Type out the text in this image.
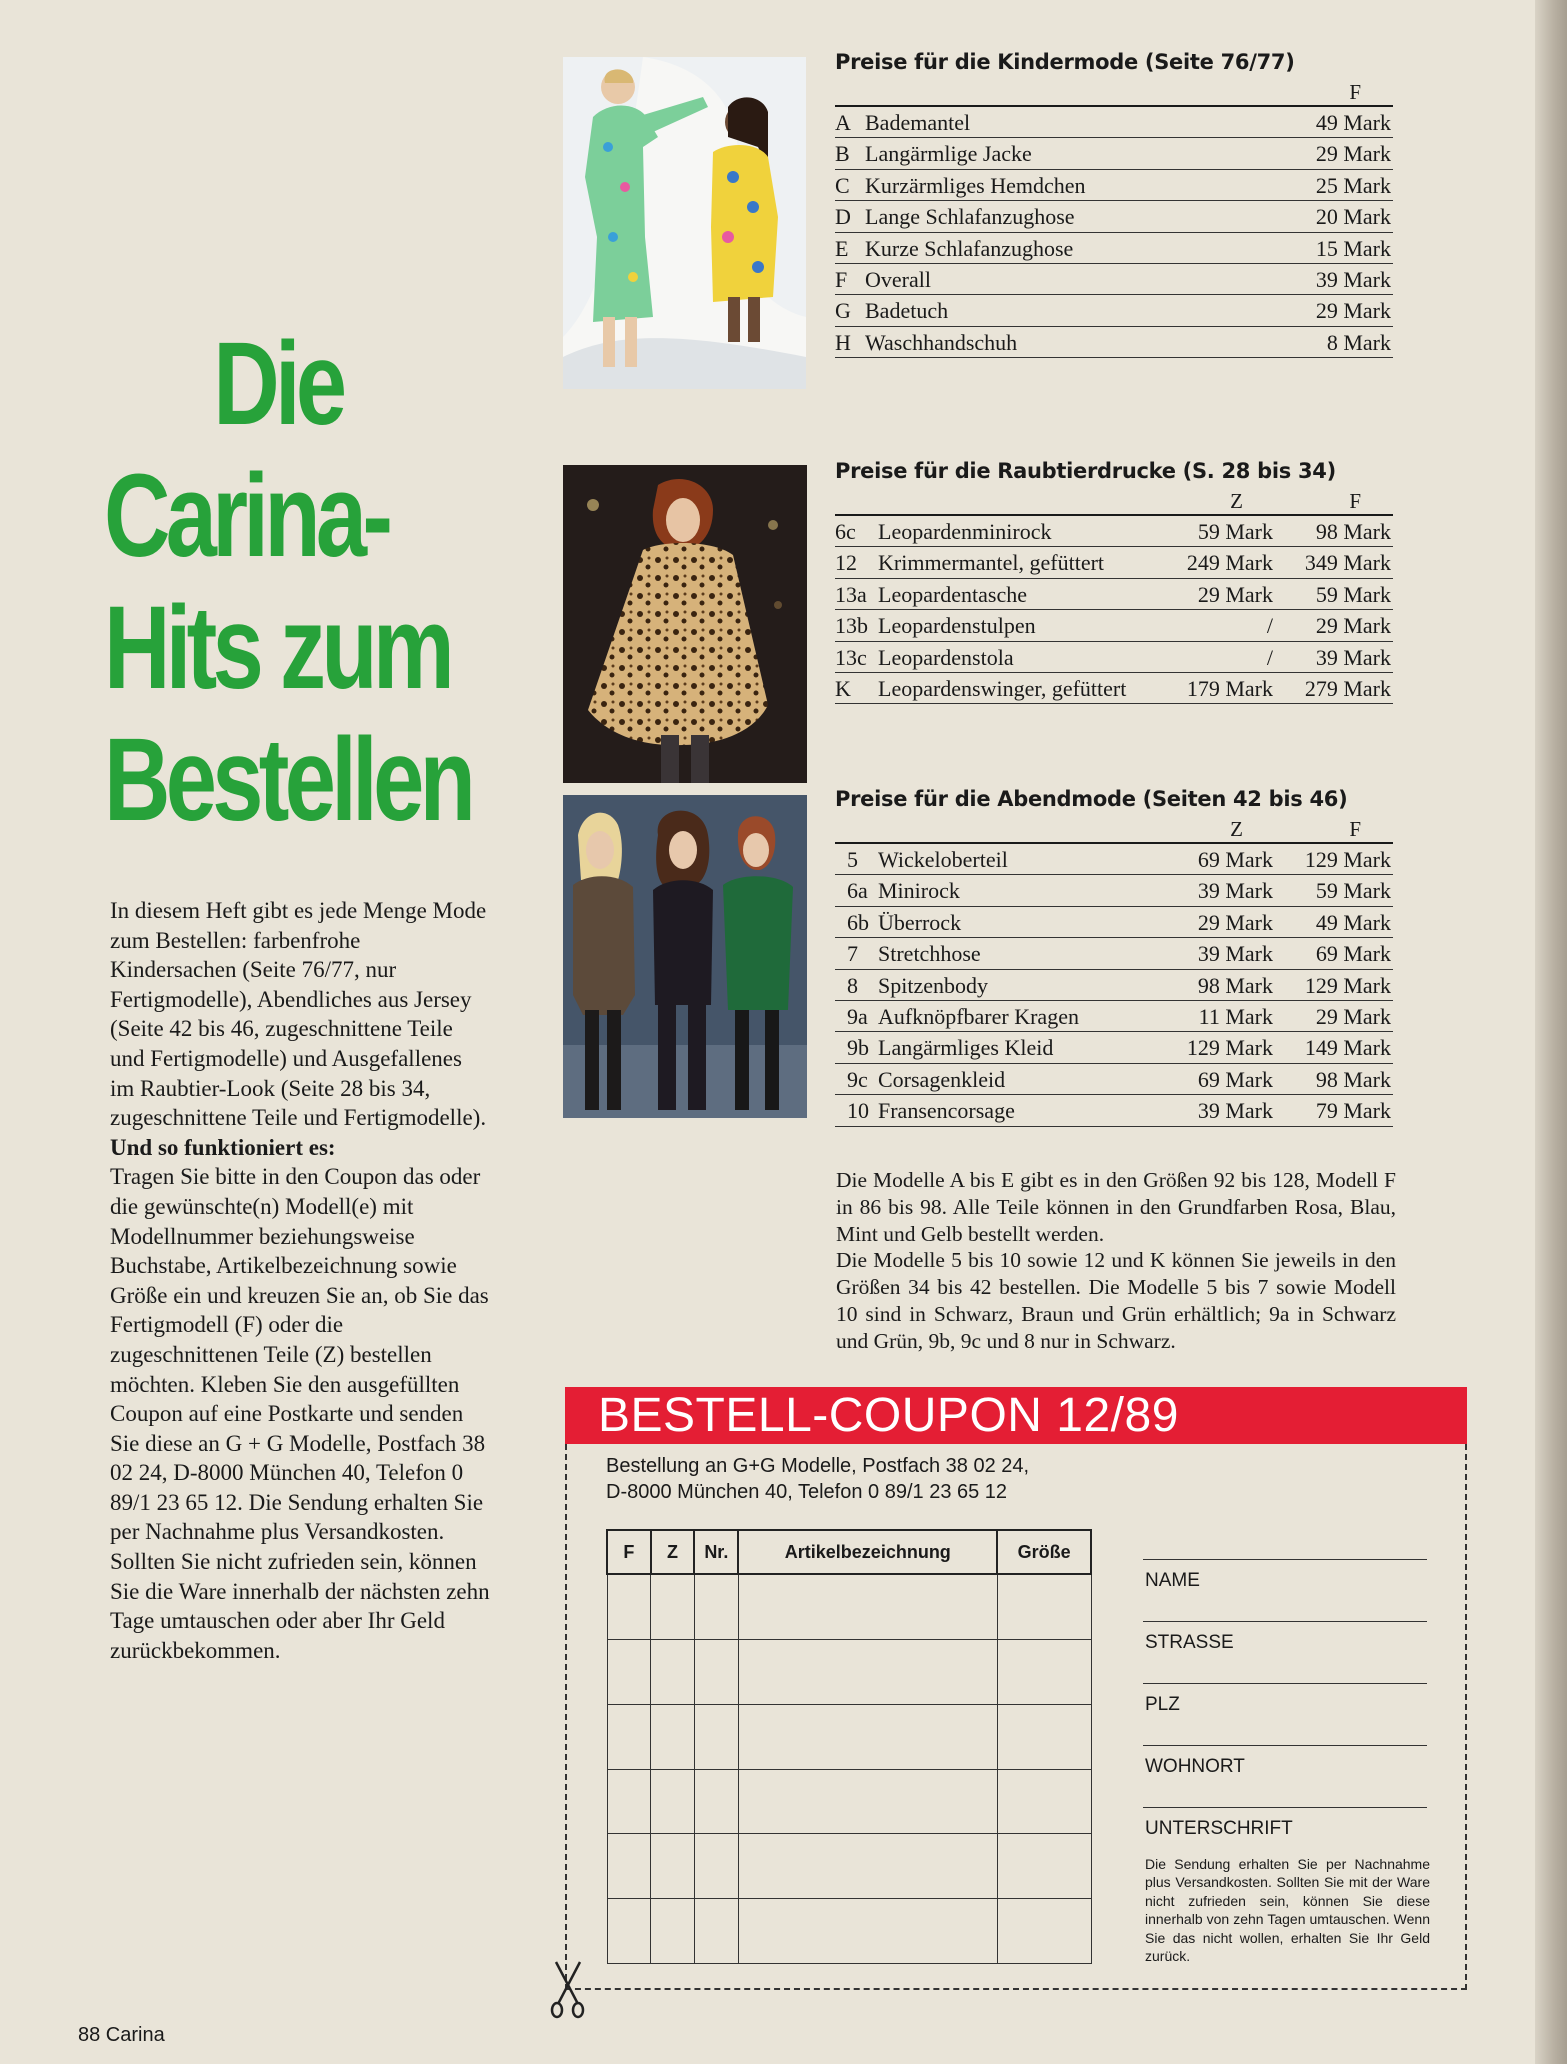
Die
Carina-
Hits zum
Bestellen

In diesem Heft gibt es jede Menge Mode zum Bestellen: farbenfrohe Kindersachen (Seite 76/77, nur Fertigmodelle), Abendliches aus Jersey (Seite 42 bis 46, zugeschnittene Teile und Fertigmodelle) und Ausgefallenes im Raubtier-Look (Seite 28 bis 34, zugeschnittene Teile und Fertigmodelle).

Und so funktioniert es:

Tragen Sie bitte in den Coupon das oder die gewünschte(n) Modell(e) mit Modellnummer beziehungsweise Buchstabe, Artikelbezeichnung sowie Größe ein und kreuzen Sie an, ob Sie das Fertigmodell (F) oder die zugeschnittenen Teile (Z) bestellen möchten. Kleben Sie den ausgefüllten Coupon auf eine Postkarte und senden Sie diese an G + G Modelle, Postfach 38 02 24, D-8000 München 40, Telefon 0 89/1 23 65 12. Die Sendung erhalten Sie per Nachnahme plus Versandkosten. Sollten Sie nicht zufrieden sein, können Sie die Ware innerhalb der nächsten zehn Tage umtauschen oder aber Ihr Geld zurückbekommen.

88 Carina
Preise für die Kindermode (Seite 76/77)
F
A Bademantel	49 Mark
B Langärmlige Jacke	29 Mark
C Kurzärmliges Hemdchen	25 Mark
D Lange Schlafanzughose	20 Mark
E Kurze Schlafanzughose	15 Mark
F Overall	39 Mark
G Badetuch	29 Mark
H Waschhandschuh	8 Mark
Preise für die Raubtierdrucke (S. 28 bis 34)
Z	F
6c Leopardenminirock	59 Mark 98 Mark
12 Krimmermantel, gefüttert	249 Mark 349 Mark
13a Leopardentasche	29 Mark 59 Mark
13b Leopardenstulpen	/ 29 Mark
13c Leopardenstola	/ 39 Mark
K Leopardenswinger, gefüttert	179 Mark 279 Mark
Preise für die Abendmode (Seiten 42 bis 46)
Z	F
5 Wickeloberteil	69 Mark 129 Mark
6a Minirock	39 Mark 59 Mark
6b Überrock	29 Mark 49 Mark
7 Stretchhose	39 Mark 69 Mark
8 Spitzenbody	98 Mark 129 Mark
9a Aufknöpfbarer Kragen	11 Mark 29 Mark
9b Langärmliges Kleid	129 Mark 149 Mark
9c Corsagenkleid	69 Mark 98 Mark
10 Fransencorsage	39 Mark 79 Mark

Die Modelle A bis E gibt es in den Größen 92 bis 128, Modell F in 86 bis 98. Alle Teile können in den Grundfarben Rosa, Blau, Mint und Gelb bestellt werden.

Die Modelle 5 bis 10 sowie 12 und K können Sie jeweils in den Größen 34 bis 42 bestellen. Die Modelle 5 bis 7 sowie Modell 10 sind in Schwarz, Braun und Grün erhältlich; 9a in Schwarz und Grün, 9b, 9c und 8 nur in Schwarz.

BESTELL-COUPON 12/89
Bestellung an G+G Modelle, Postfach 38 02 24,
D-8000 München 40, Telefon 0 89/1 23 65 12
F	Z	Nr.	Artikelbezeichnung	Größe

NAME
STRASSE
PLZ
WOHNORT
UNTERSCHRIFT
Die Sendung erhalten Sie per Nachnahme plus Versandkosten. Sollten Sie mit der Ware nicht zufrieden sein, können Sie diese innerhalb von zehn Tagen umtauschen. Wenn Sie das nicht wollen, erhalten Sie Ihr Geld zurück.
